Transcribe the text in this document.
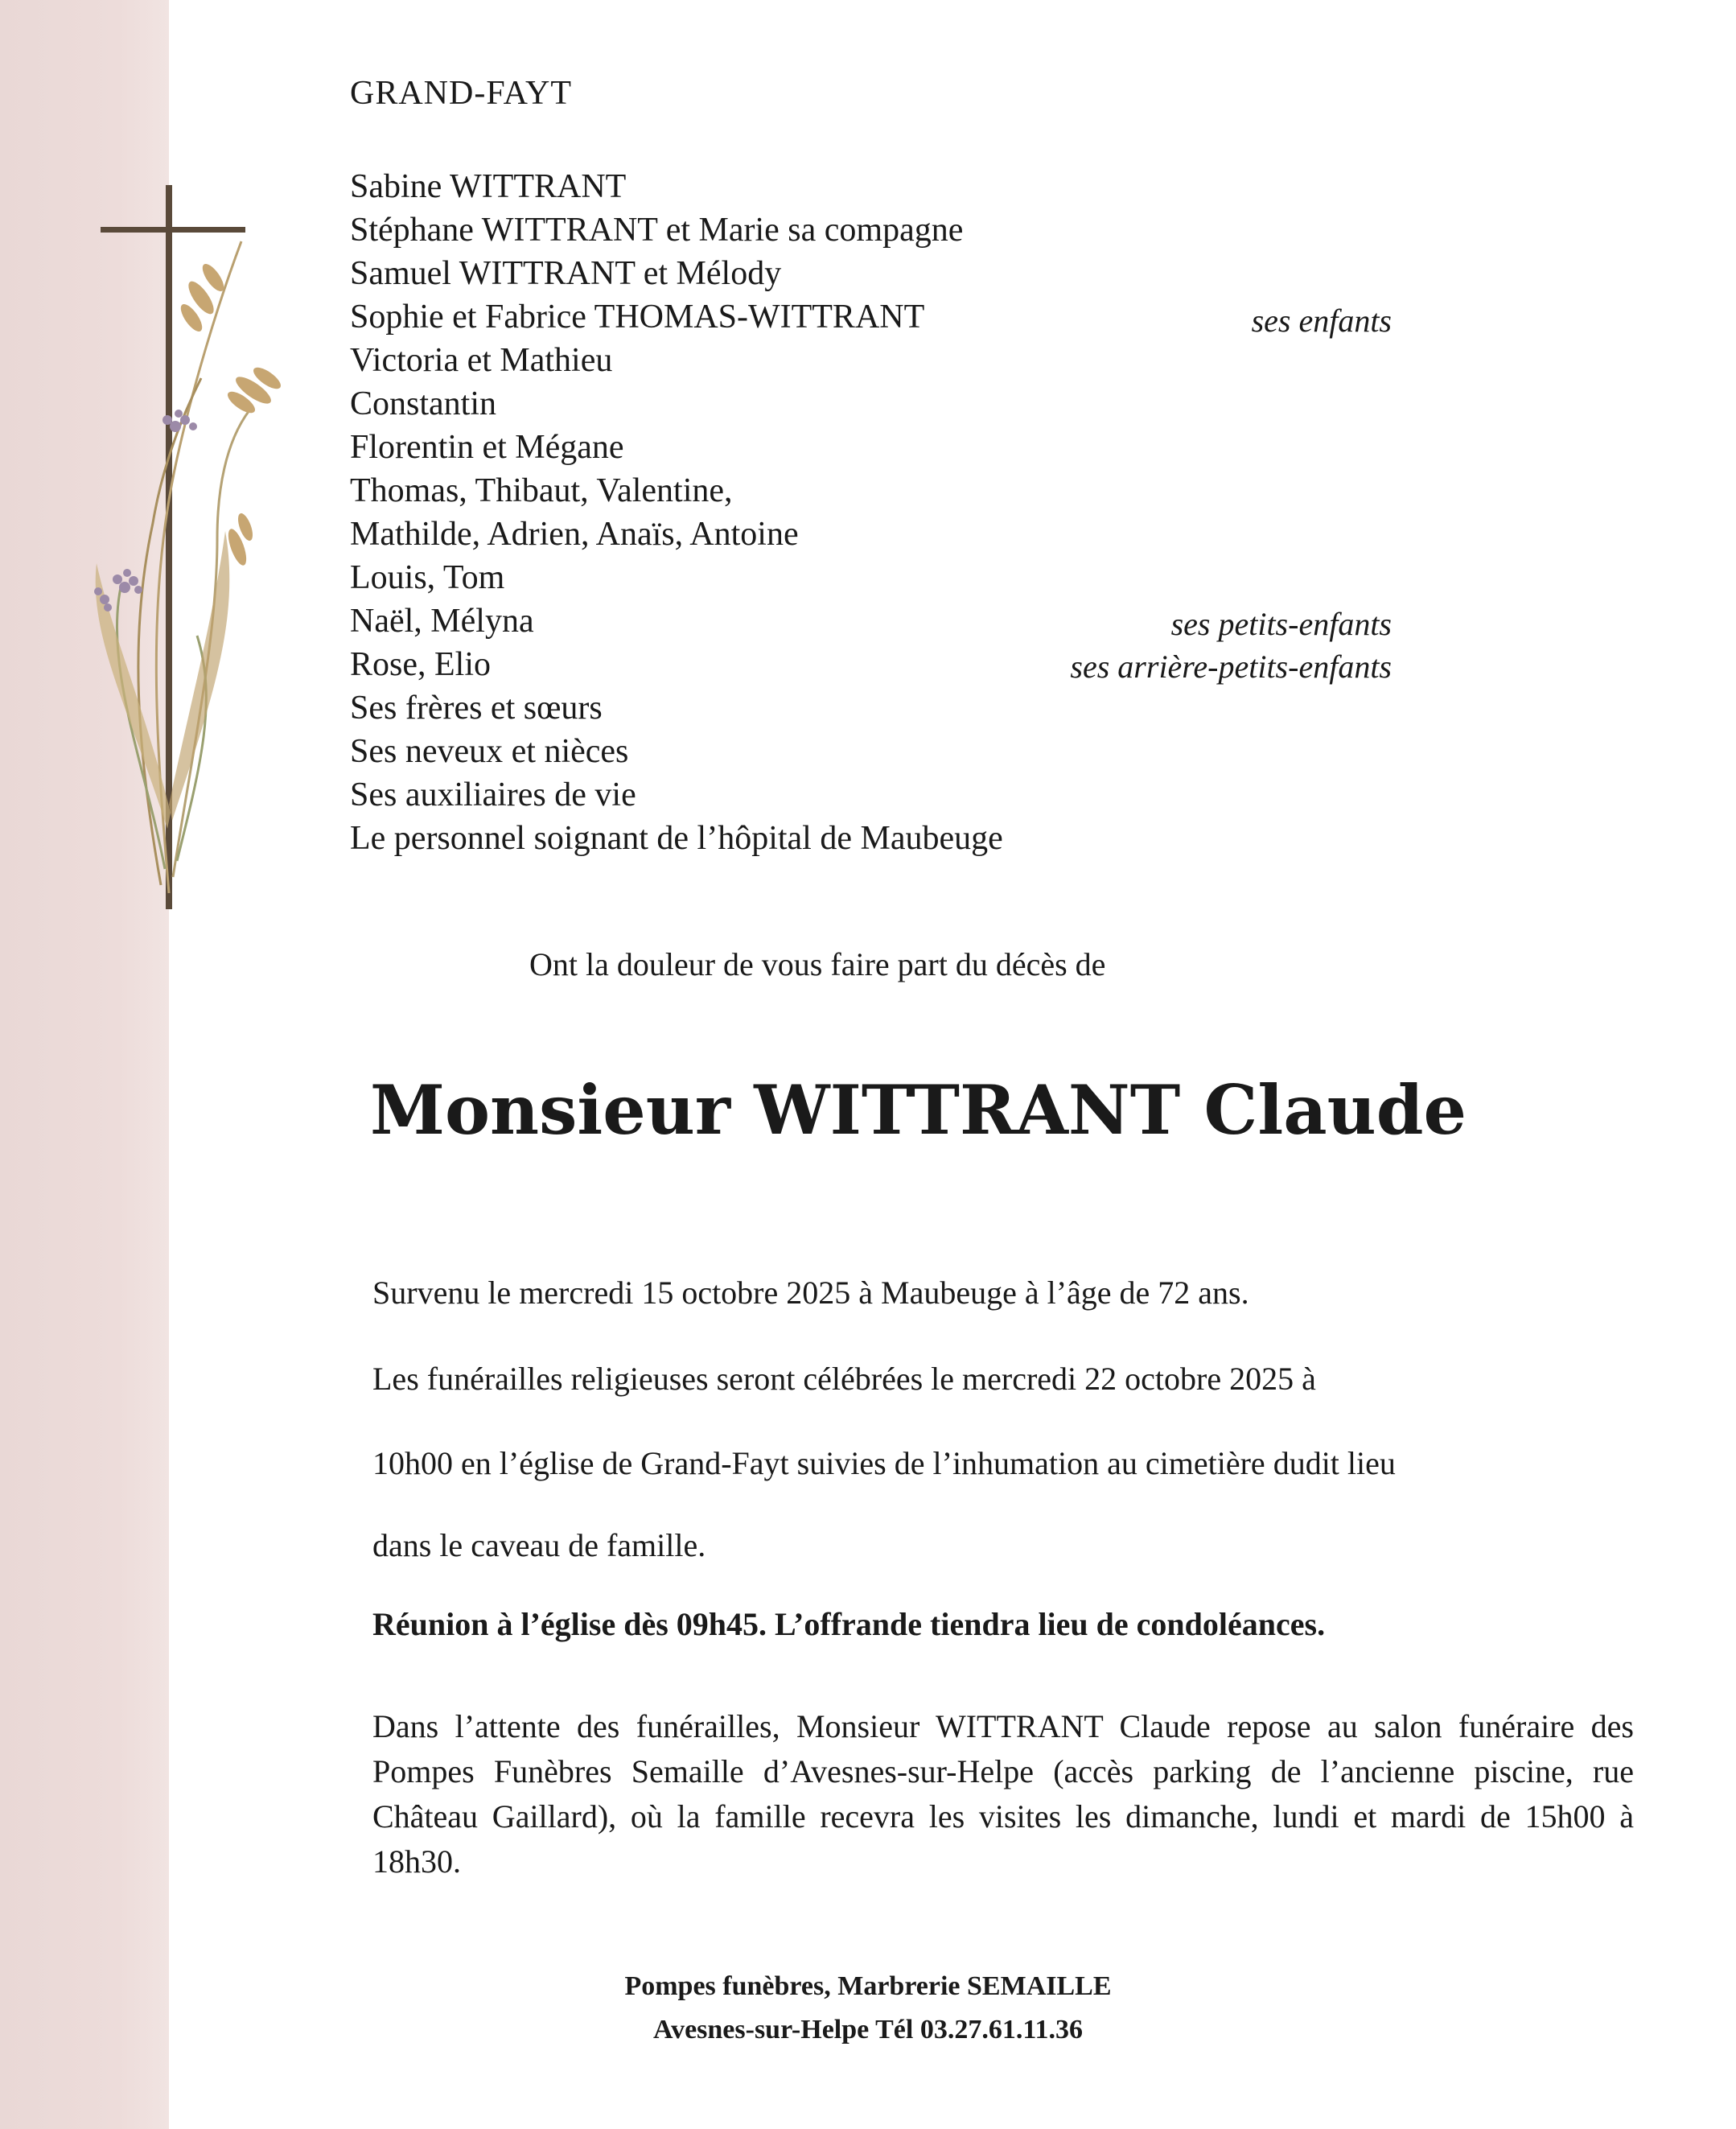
GRAND-FAYT
Sabine WITTRANT
Stéphane WITTRANT et Marie sa compagne
Samuel WITTRANT et Mélody
Sophie et Fabrice THOMAS-WITTRANT
Victoria et Mathieu
Constantin
Florentin et Mégane
Thomas, Thibaut, Valentine,
Mathilde, Adrien, Anaïs, Antoine
Louis, Tom
Naël, Mélyna
Rose, Elio
Ses frères et sœurs
Ses neveux et nièces
Ses auxiliaires de vie
Le personnel soignant de l’hôpital de Maubeuge
ses enfants
ses petits-enfants
ses arrière-petits-enfants
Ont la douleur de vous faire part du décès de
Monsieur WITTRANT Claude
Survenu le mercredi 15 octobre 2025 à Maubeuge à l’âge de 72 ans.
Les funérailles religieuses seront célébrées le mercredi 22 octobre 2025 à
10h00 en l’église de Grand-Fayt suivies de l’inhumation au cimetière dudit lieu
dans le caveau de famille.
Réunion à l’église dès 09h45. L’offrande tiendra lieu de condoléances.
Dans l’attente des funérailles, Monsieur WITTRANT Claude repose au salon funéraire des Pompes Funèbres Semaille d’Avesnes-sur-Helpe (accès parking de l’ancienne piscine, rue Château Gaillard), où la famille recevra les visites les dimanche, lundi et mardi de 15h00 à 18h30.
Pompes funèbres, Marbrerie SEMAILLE
Avesnes-sur-Helpe Tél 03.27.61.11.36
